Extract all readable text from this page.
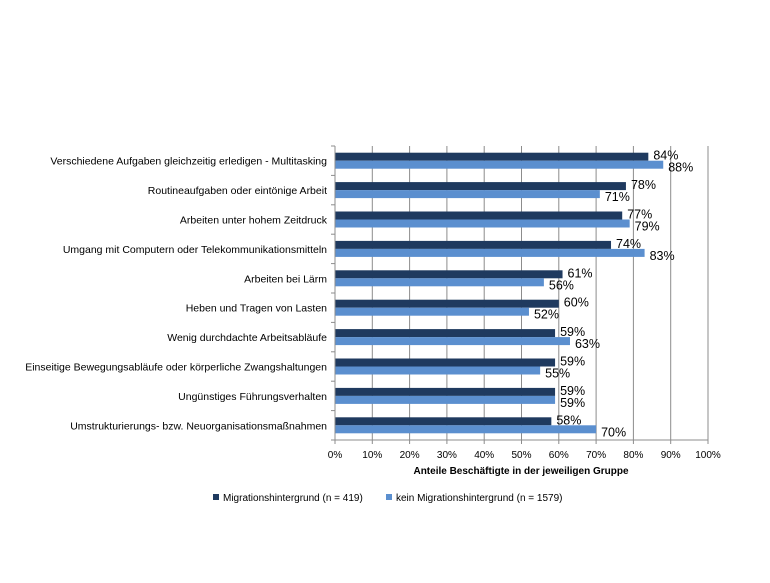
0% 10% 20% 30% 40% 50% 60% 70% 80% 90% 100%
Verschiedene Aufgaben gleichzeitig erledigen - Multitasking	84%
88%
Routineaufgaben oder eintönige Arbeit	78%
71%
Arbeiten unter hohem Zeitdruck	77%
79%
Umgang mit Computern oder Telekommunikationsmitteln	74%
83%
Arbeiten bei Lärm	61%
56%
Heben und Tragen von Lasten	60%
52%
Wenig durchdachte Arbeitsabläufe	59%
63%
Einseitige Bewegungsabläufe oder körperliche Zwangshaltungen	59%
55%
Ungünstiges Führungsverhalten	59%
59%
Umstrukturierungs- bzw. Neuorganisationsmaßnahmen	58%
70%
Anteile Beschäftigte in der jeweiligen Gruppe
Migrationshintergrund (n = 419)	kein Migrationshintergrund (n = 1579)
